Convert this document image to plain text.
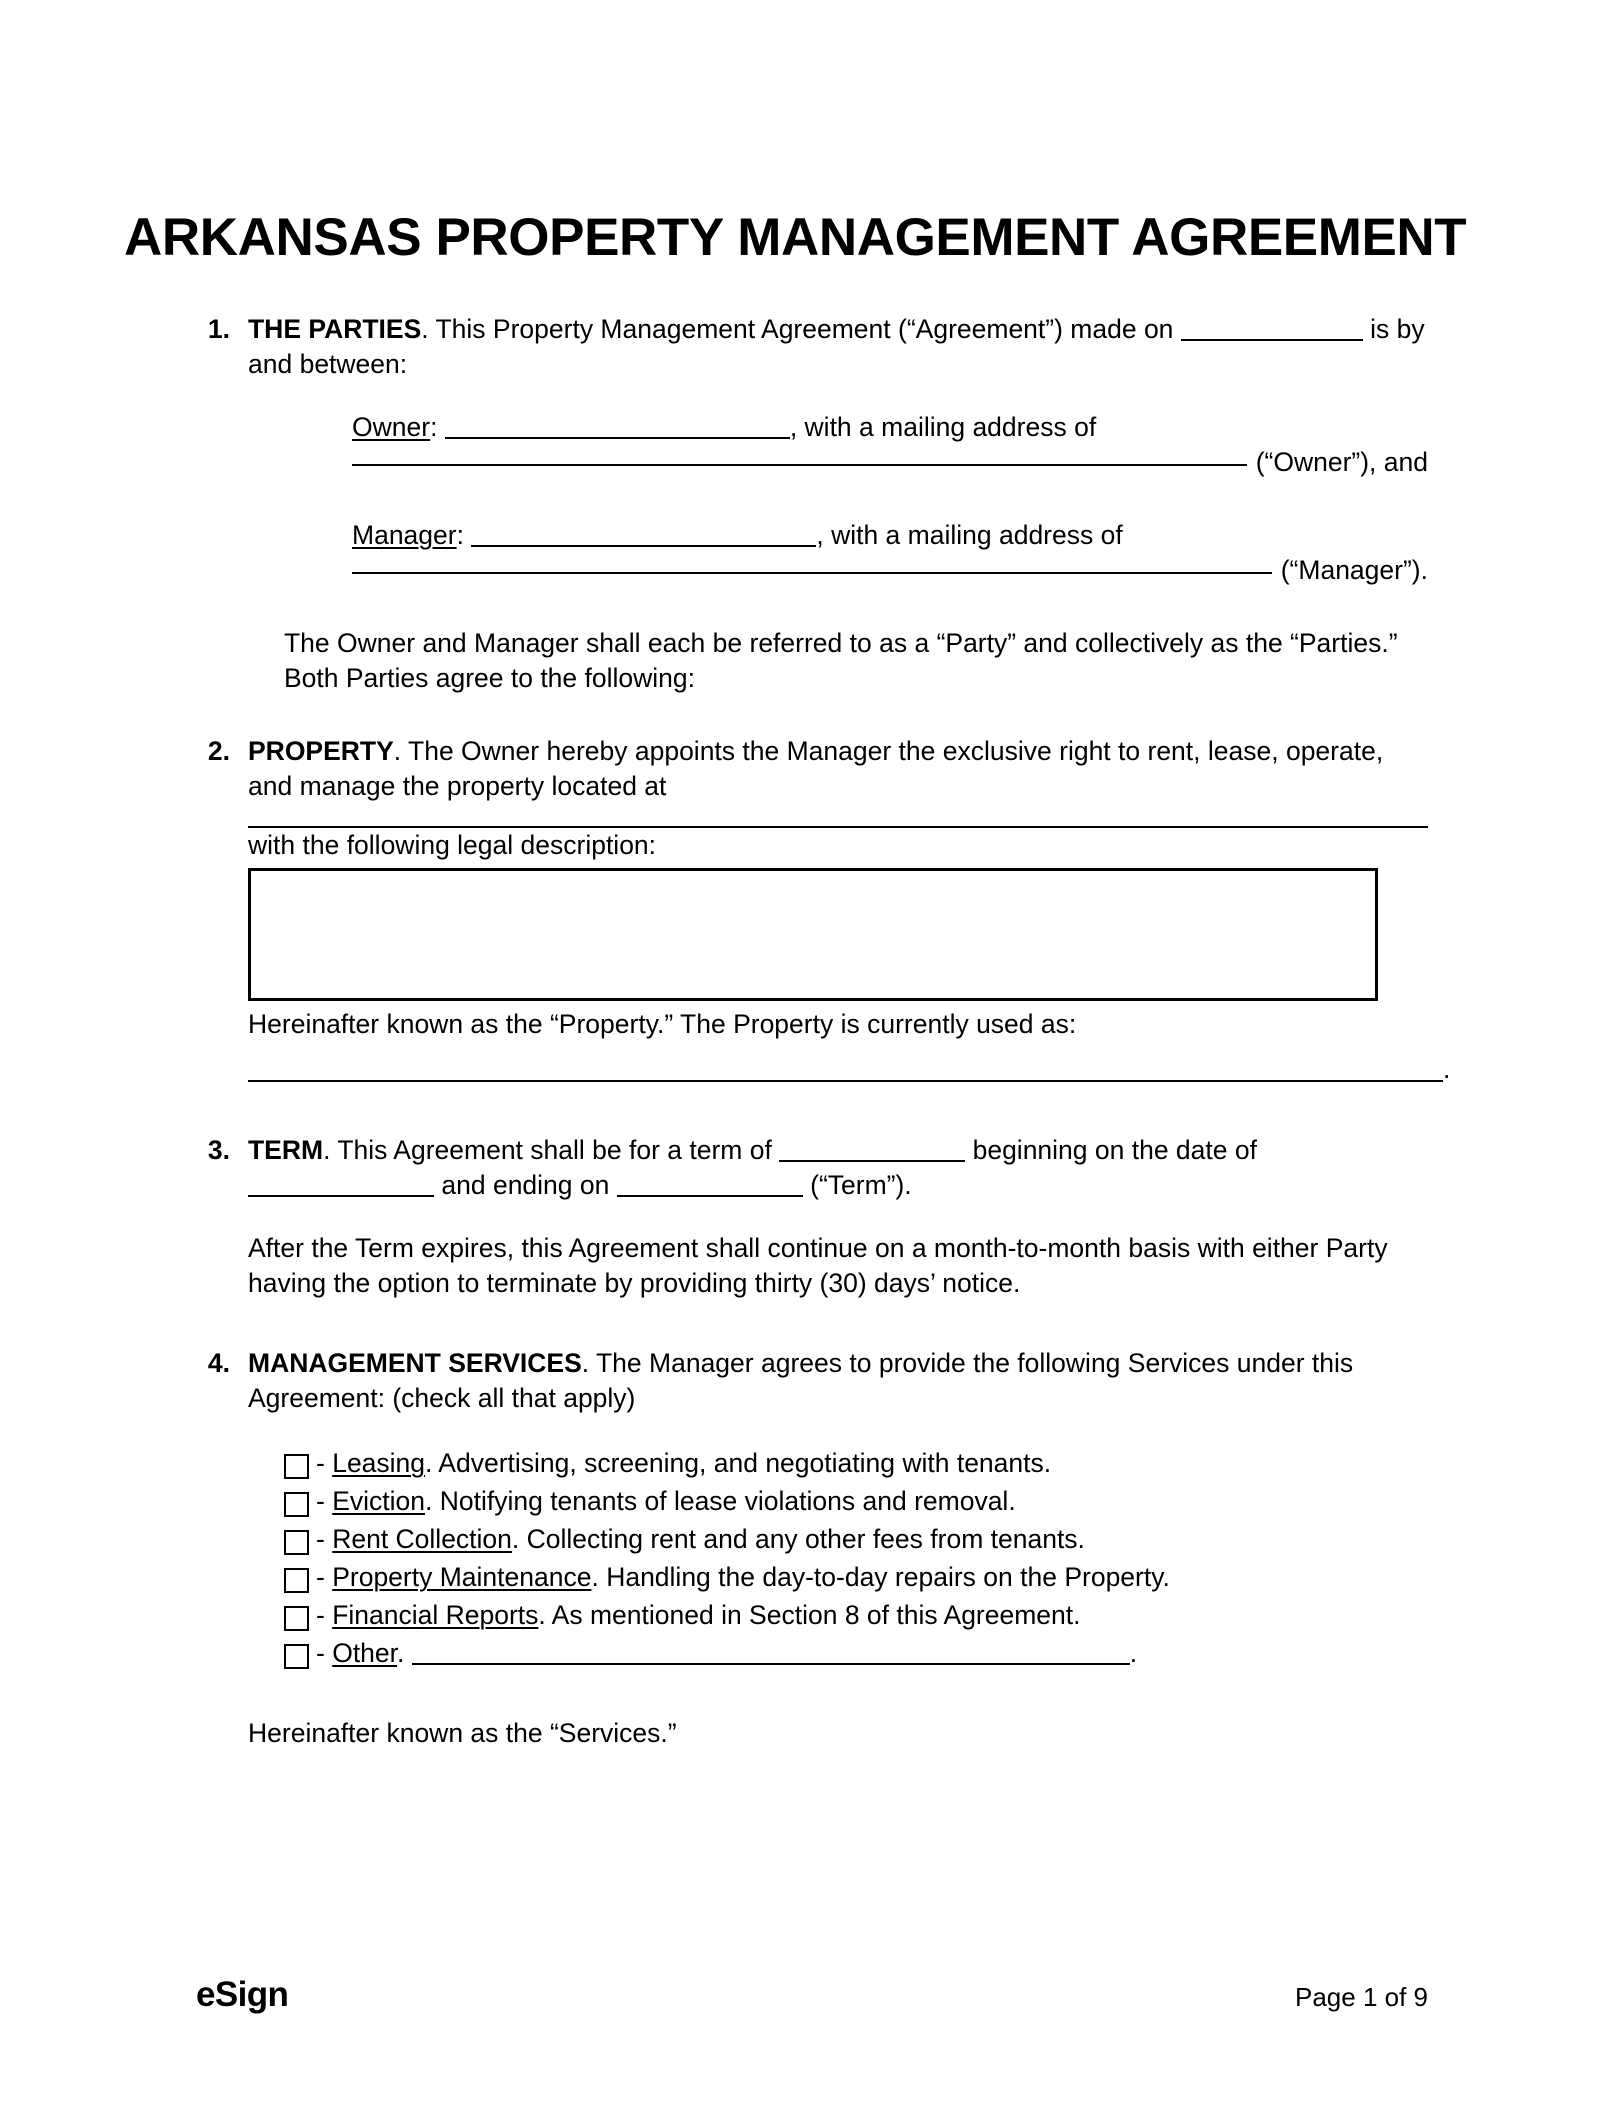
ARKANSAS PROPERTY MANAGEMENT AGREEMENT
1. THE PARTIES. This Property Management Agreement (“Agreement”) made on	is by and between:
Owner:	, with a mailing address of
(“Owner”), and
Manager:	, with a mailing address of
(“Manager”).
The Owner and Manager shall each be referred to as a “Party” and collectively as the “Parties.” Both Parties agree to the following:
2. PROPERTY. The Owner hereby appoints the Manager the exclusive right to rent, lease, operate, and manage the property located at
with the following legal description:
Hereinafter known as the “Property.” The Property is currently used as:
.
3. TERM. This Agreement shall be for a term of	beginning on the date of  and ending on	(“Term”).
After the Term expires, this Agreement shall continue on a month-to-month basis with either Party having the option to terminate by providing thirty (30) days’ notice.
4. MANAGEMENT SERVICES. The Manager agrees to provide the following Services under this Agreement: (check all that apply)
- Leasing. Advertising, screening, and negotiating with tenants.
- Eviction. Notifying tenants of lease violations and removal.
- Rent Collection. Collecting rent and any other fees from tenants.
- Property Maintenance. Handling the day-to-day repairs on the Property.
- Financial Reports. As mentioned in Section 8 of this Agreement.
- Other.	.
Hereinafter known as the “Services.”
eSign	Page 1 of 9
